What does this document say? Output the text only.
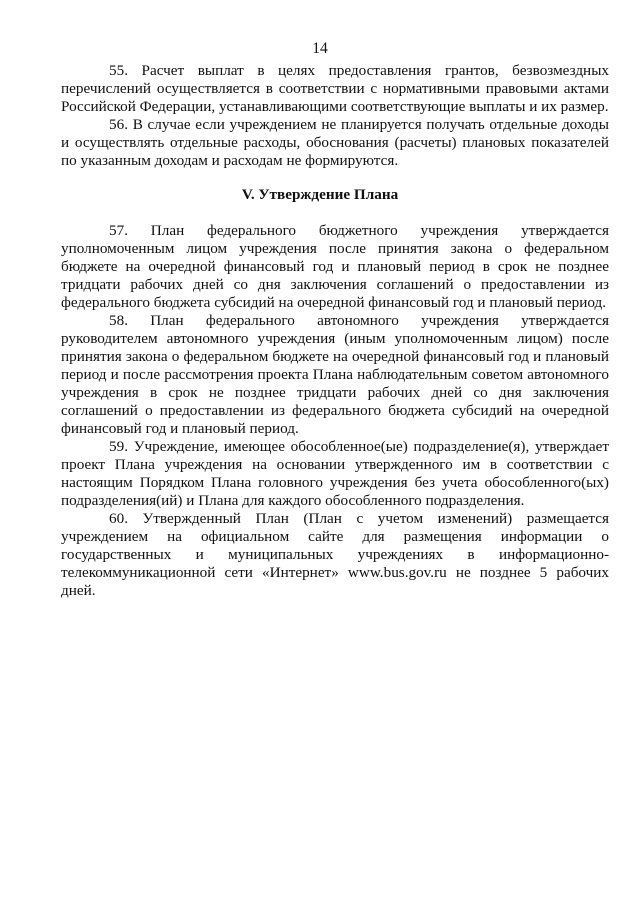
14

55. Расчет выплат в целях предоставления грантов, безвозмездных перечислений осуществляется в соответствии с нормативными правовыми актами Российской Федерации, устанавливающими соответствующие выплаты и их размер.

56. В случае если учреждением не планируется получать отдельные доходы и осуществлять отдельные расходы, обоснования (расчеты) плановых показателей по указанным доходам и расходам не формируются.

V. Утверждение Плана

57. План федерального бюджетного учреждения утверждается уполномоченным лицом учреждения после принятия закона о федеральном бюджете на очередной финансовый год и плановый период в срок не позднее тридцати рабочих дней со дня заключения соглашений о предоставлении из федерального бюджета субсидий на очередной финансовый год и плановый период.

58. План федерального автономного учреждения утверждается руководителем автономного учреждения (иным уполномоченным лицом) после принятия закона о федеральном бюджете на очередной финансовый год и плановый период и после рассмотрения проекта Плана наблюдательным советом автономного учреждения в срок не позднее тридцати рабочих дней со дня заключения соглашений о предоставлении из федерального бюджета субсидий на очередной финансовый год и плановый период.

59. Учреждение, имеющее обособленное(ые) подразделение(я), утверждает проект Плана учреждения на основании утвержденного им в соответствии с настоящим Порядком Плана головного учреждения без учета обособленного(ых) подразделения(ий) и Плана для каждого обособленного подразделения.

60. Утвержденный План (План с учетом изменений) размещается учреждением на официальном сайте для размещения информации о государственных и муниципальных учреждениях в информационно-телекоммуникационной сети «Интернет» www.bus.gov.ru не позднее 5 рабочих дней.
